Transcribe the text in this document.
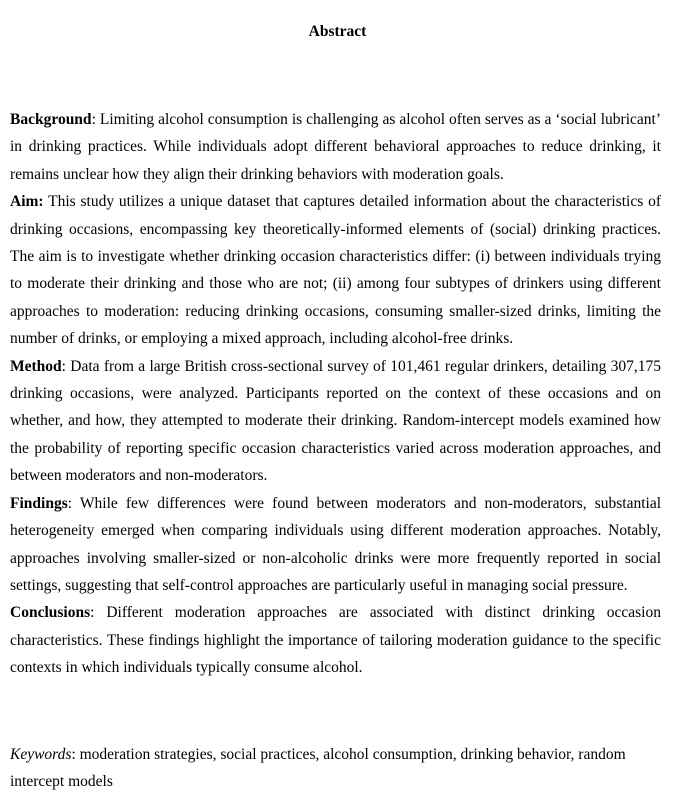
Abstract

Background: Limiting alcohol consumption is challenging as alcohol often serves as a ‘social lubricant’ in drinking practices. While individuals adopt different behavioral approaches to reduce drinking, it remains unclear how they align their drinking behaviors with moderation goals.

Aim: This study utilizes a unique dataset that captures detailed information about the characteristics of drinking occasions, encompassing key theoretically-informed elements of (social) drinking practices. The aim is to investigate whether drinking occasion characteristics differ: (i) between individuals trying to moderate their drinking and those who are not; (ii) among four subtypes of drinkers using different approaches to moderation: reducing drinking occasions, consuming smaller-sized drinks, limiting the number of drinks, or employing a mixed approach, including alcohol-free drinks.

Method: Data from a large British cross-sectional survey of 101,461 regular drinkers, detailing 307,175 drinking occasions, were analyzed. Participants reported on the context of these occasions and on whether, and how, they attempted to moderate their drinking. Random-intercept models examined how the probability of reporting specific occasion characteristics varied across moderation approaches, and between moderators and non-moderators.

Findings: While few differences were found between moderators and non-moderators, substantial heterogeneity emerged when comparing individuals using different moderation approaches. Notably, approaches involving smaller-sized or non-alcoholic drinks were more frequently reported in social settings, suggesting that self-control approaches are particularly useful in managing social pressure.

Conclusions: Different moderation approaches are associated with distinct drinking occasion characteristics. These findings highlight the importance of tailoring moderation guidance to the specific contexts in which individuals typically consume alcohol.

Keywords: moderation strategies, social practices, alcohol consumption, drinking behavior, random intercept models
